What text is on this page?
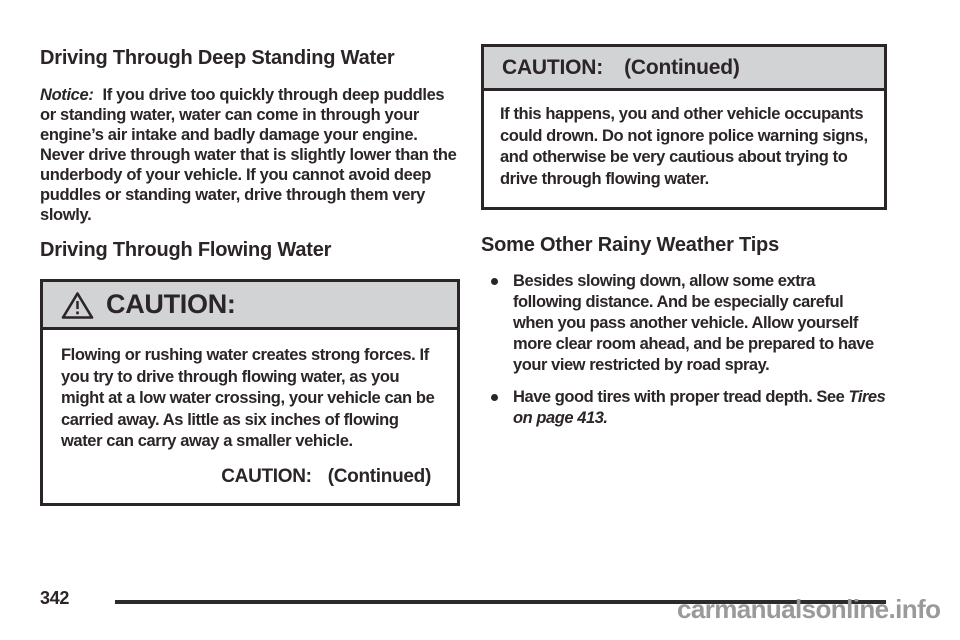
Driving Through Deep Standing Water

Notice: If you drive too quickly through deep puddles or standing water, water can come in through your engine’s air intake and badly damage your engine. Never drive through water that is slightly lower than the underbody of your vehicle. If you cannot avoid deep puddles or standing water, drive through them very slowly.

Driving Through Flowing Water
CAUTION:

Flowing or rushing water creates strong forces. If you try to drive through flowing water, as you might at a low water crossing, your vehicle can be carried away. As little as six inches of flowing water can carry away a smaller vehicle.

CAUTION: (Continued)

CAUTION: (Continued)

If this happens, you and other vehicle occupants could drown. Do not ignore police warning signs, and otherwise be very cautious about trying to drive through flowing water.

Some Other Rainy Weather Tips
Besides slowing down, allow some extra following distance. And be especially careful when you pass another vehicle. Allow yourself more clear room ahead, and be prepared to have your view restricted by road spray.
Have good tires with proper tread depth. See Tires on page 413.
342	carmanualsonline.info
